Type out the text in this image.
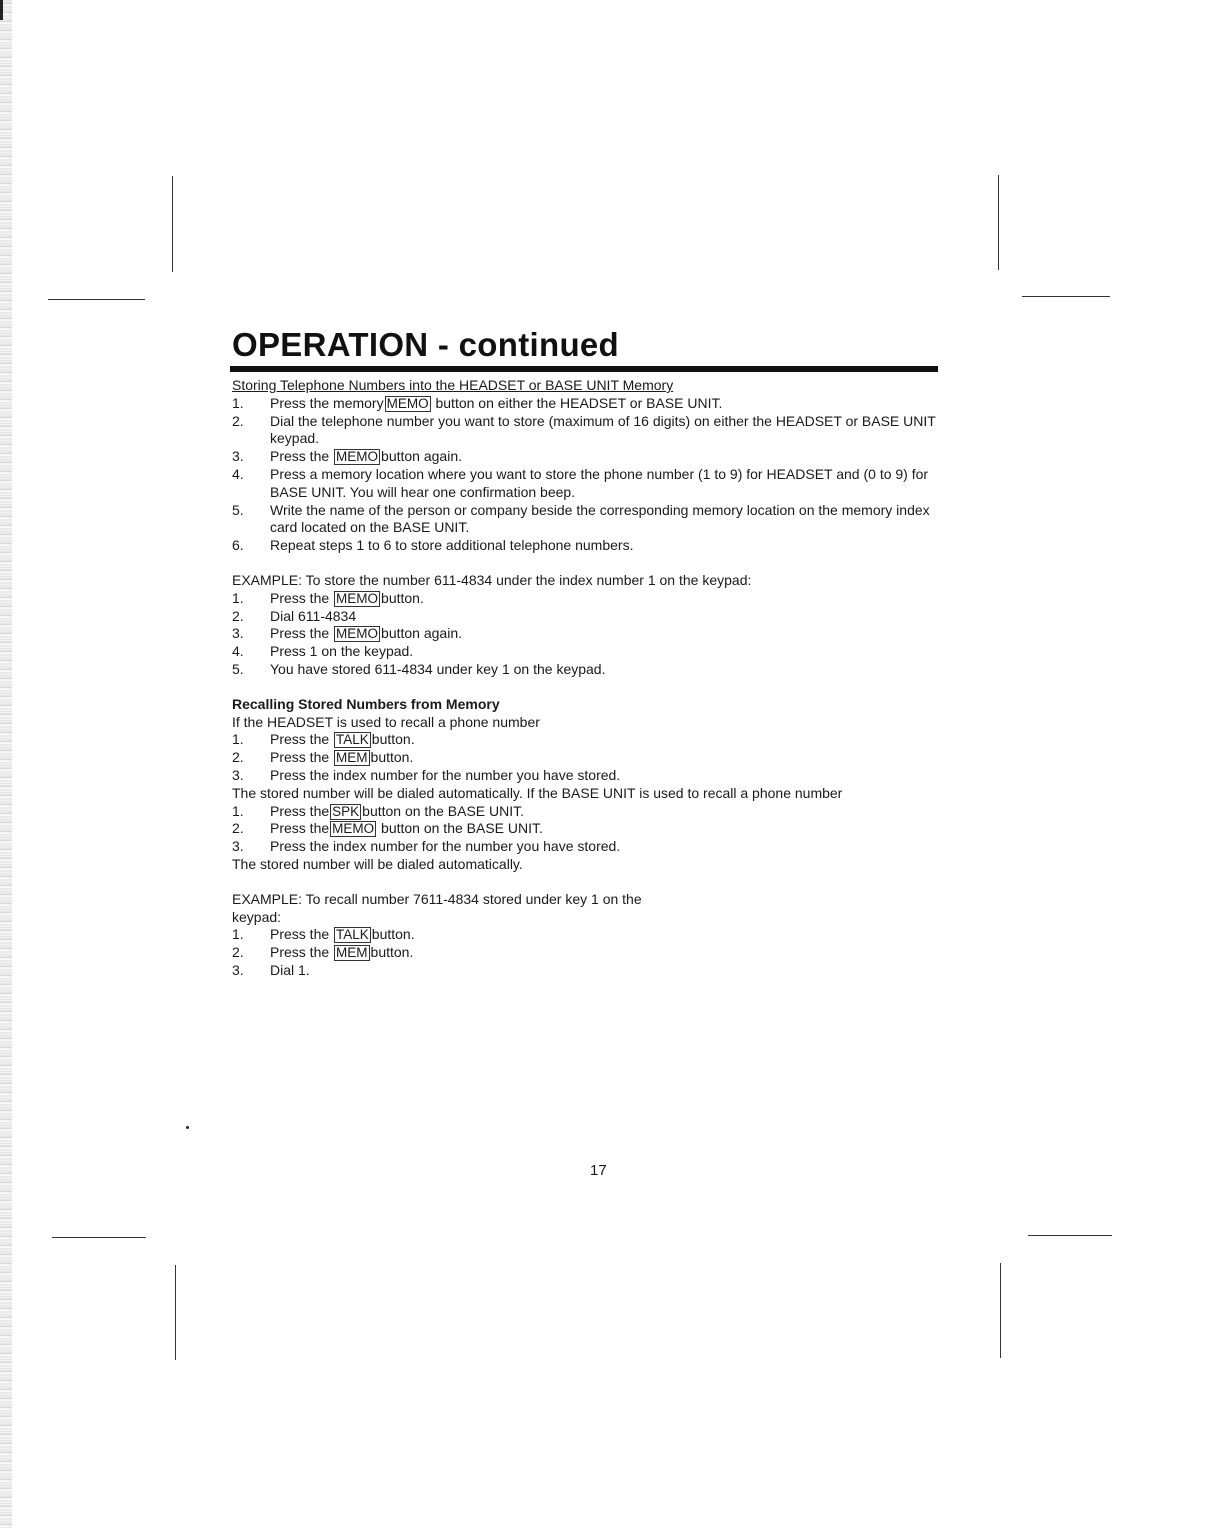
OPERATION - continued

Storing Telephone Numbers into the HEADSET or BASE UNIT Memory

1.	Press the memory MEMO button on either the HEADSET or BASE UNIT.
2.	Dial the telephone number you want to store (maximum of 16 digits) on either the HEADSET or BASE UNIT keypad.
3.	Press the MEMO button again.
4.	Press a memory location where you want to store the phone number (1 to 9) for HEADSET and (0 to 9) for BASE UNIT. You will hear one confirmation beep.
5.	Write the name of the person or company beside the corresponding memory location on the memory index card located on the BASE UNIT.
6.	Repeat steps 1 to 6 to store additional telephone numbers.

EXAMPLE: To store the number 611-4834 under the index number 1 on the keypad:

1.	Press the MEMO button.
2.	Dial 611-4834
3.	Press the MEMO button again.
4.	Press 1 on the keypad.
5.	You have stored 611-4834 under key 1 on the keypad.

Recalling Stored Numbers from Memory

If the HEADSET is used to recall a phone number

1.	Press the TALK button.
2.	Press the MEM button.
3.	Press the index number for the number you have stored.

The stored number will be dialed automatically. If the BASE UNIT is used to recall a phone number

1.	Press the SPK button on the BASE UNIT.
2.	Press the MEMO button on the BASE UNIT.
3.	Press the index number for the number you have stored.

The stored number will be dialed automatically.

EXAMPLE: To recall number 7611-4834 stored under key 1 on the

keypad:

1.	Press the TALK button.
2.	Press the MEM button.
3.	Dial 1.
17
